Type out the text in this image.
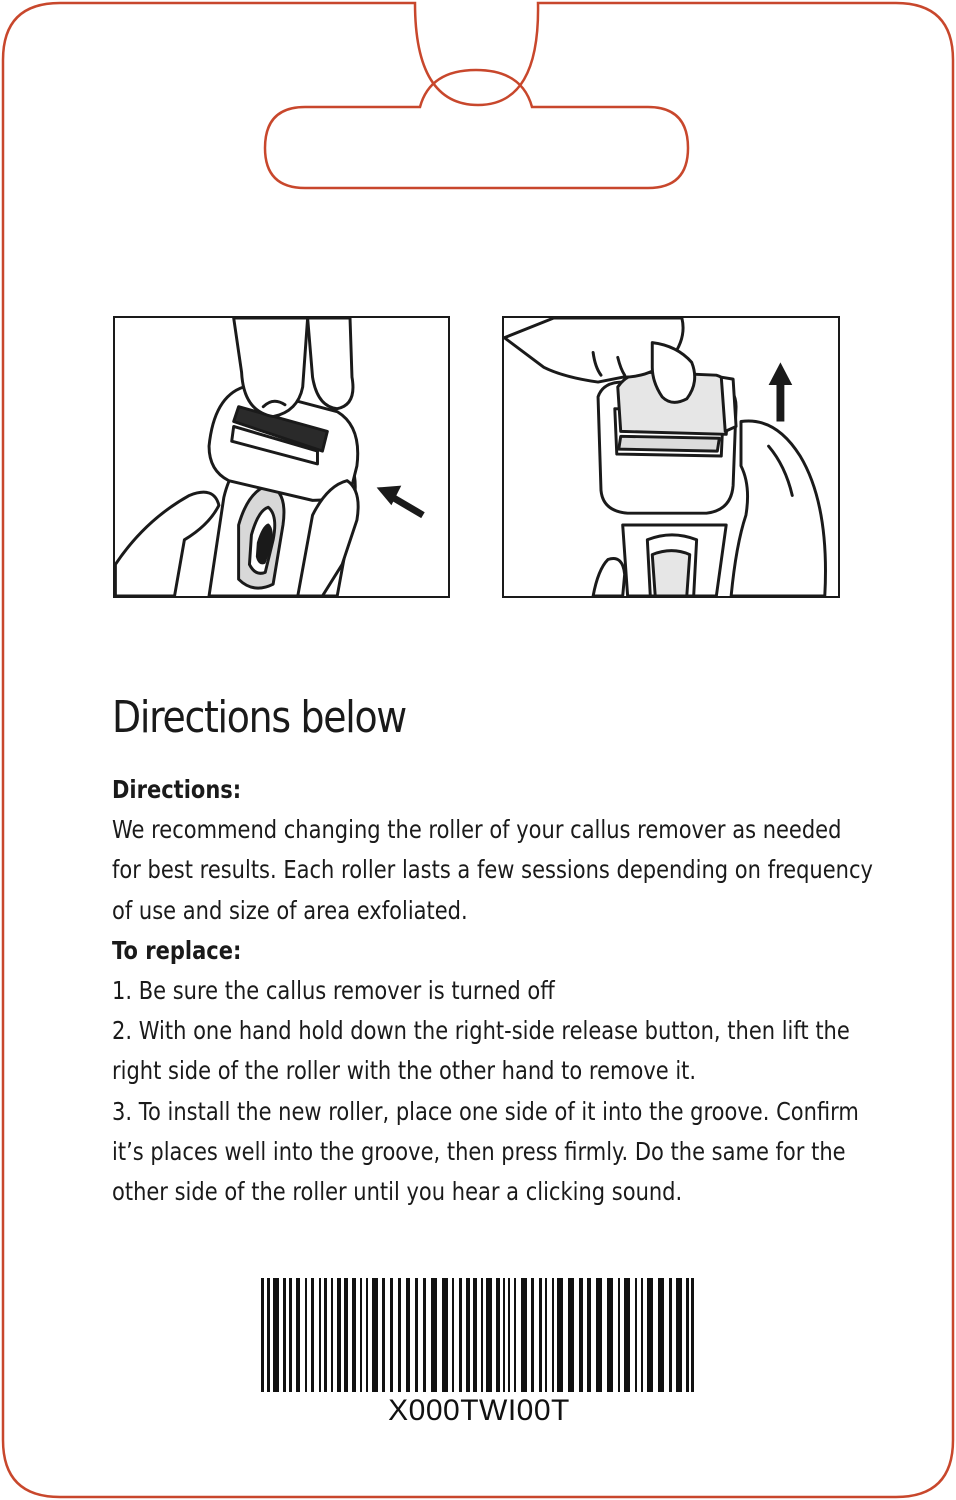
Directions below
Directions:
We recommend changing the roller of your callus remover as needed
for best results. Each roller lasts a few sessions depending on frequency
of use and size of area exfoliated.
To replace:
1. Be sure the callus remover is turned off
2. With one hand hold down the right-side release button, then lift the
right side of the roller with the other hand to remove it.
3. To install the new roller, place one side of it into the groove. Confirm
it’s places well into the groove, then press firmly. Do the same for the
other side of the roller until you hear a clicking sound.
X000TWI00T
